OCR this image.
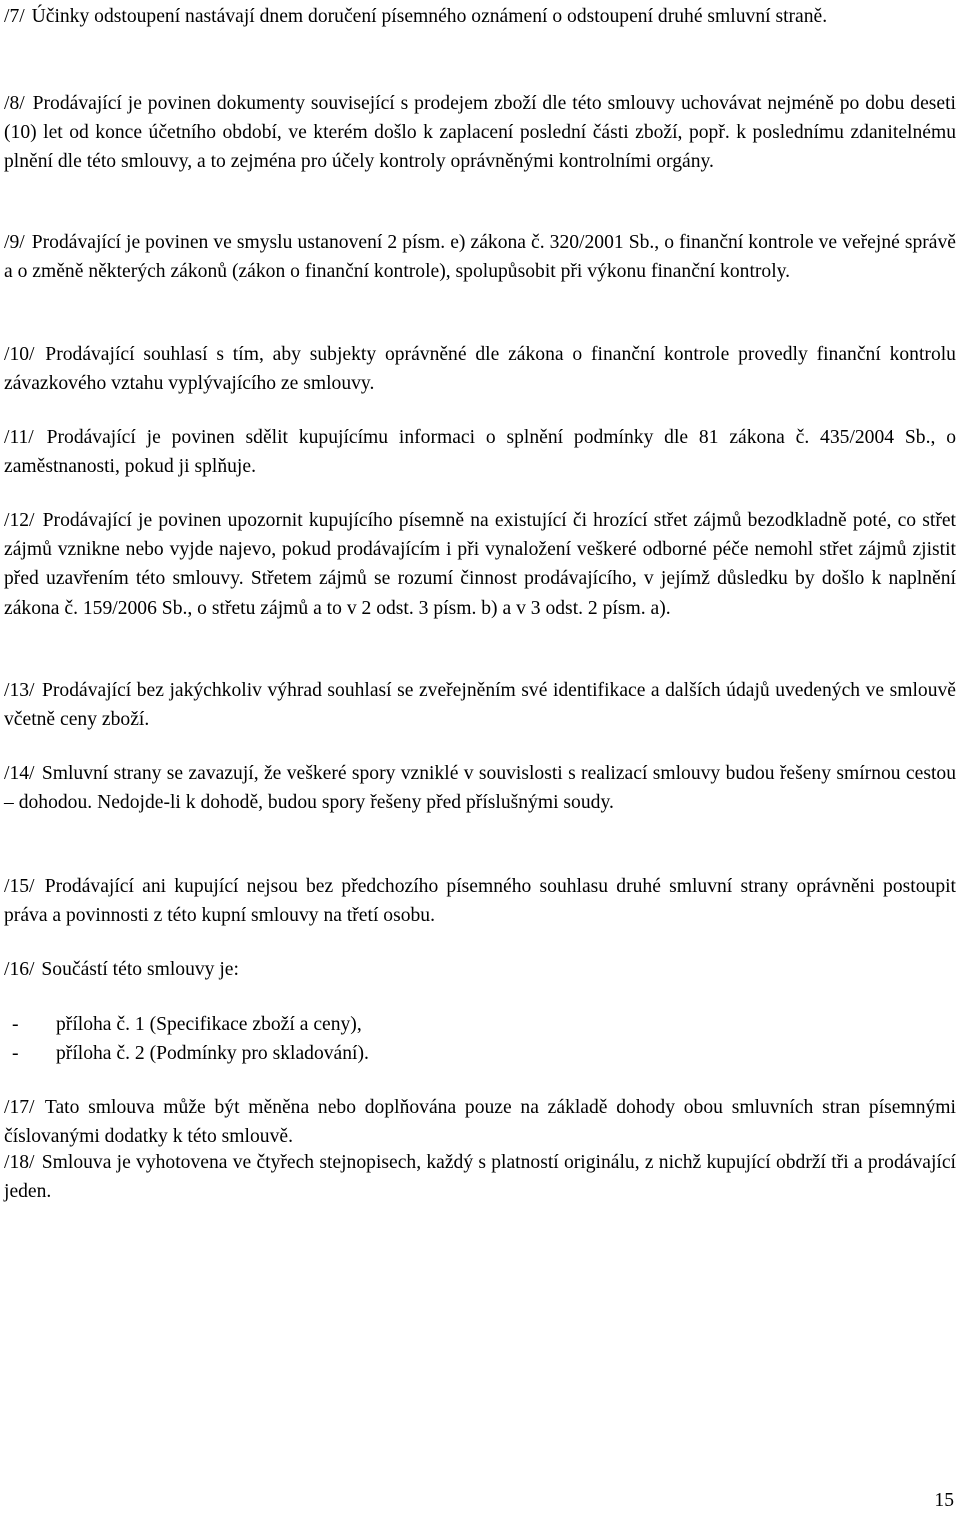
/7/ Účinky odstoupení nastávají dnem doručení písemného oznámení o odstoupení druhé smluvní straně.

/8/ Prodávající je povinen dokumenty související s prodejem zboží dle této smlouvy uchovávat nejméně po dobu deseti (10) let od konce účetního období, ve kterém došlo k zaplacení poslední části zboží, popř. k poslednímu zdanitelnému plnění dle této smlouvy, a to zejména pro účely kontroly oprávněnými kontrolními orgány.

/9/ Prodávající je povinen ve smyslu ustanovení 2 písm. e) zákona č. 320/2001 Sb., o finanční kontrole ve veřejné správě a o změně některých zákonů (zákon o finanční kontrole), spolupůsobit při výkonu finanční kontroly.

/10/ Prodávající souhlasí s tím, aby subjekty oprávněné dle zákona o finanční kontrole provedly finanční kontrolu závazkového vztahu vyplývajícího ze smlouvy.

/11/ Prodávající je povinen sdělit kupujícímu informaci o splnění podmínky dle 81 zákona č. 435/2004 Sb., o zaměstnanosti, pokud ji splňuje.

/12/ Prodávající je povinen upozornit kupujícího písemně na existující či hrozící střet zájmů bezodkladně poté, co střet zájmů vznikne nebo vyjde najevo, pokud prodávajícím i při vynaložení veškeré odborné péče nemohl střet zájmů zjistit před uzavřením této smlouvy. Střetem zájmů se rozumí činnost prodávajícího, v jejímž důsledku by došlo k naplnění zákona č. 159/2006 Sb., o střetu zájmů a to v 2 odst. 3 písm. b) a v 3 odst. 2 písm. a).

/13/ Prodávající bez jakýchkoliv výhrad souhlasí se zveřejněním své identifikace a dalších údajů uvedených ve smlouvě včetně ceny zboží.

/14/ Smluvní strany se zavazují, že veškeré spory vzniklé v souvislosti s realizací smlouvy budou řešeny smírnou cestou – dohodou. Nedojde-li k dohodě, budou spory řešeny před příslušnými soudy.

/15/ Prodávající ani kupující nejsou bez předchozího písemného souhlasu druhé smluvní strany oprávněni postoupit práva a povinnosti z této kupní smlouvy na třetí osobu.

/16/ Součástí této smlouvy je:

- příloha č. 1 (Specifikace zboží a ceny),
- příloha č. 2 (Podmínky pro skladování).

/17/ Tato smlouva může být měněna nebo doplňována pouze na základě dohody obou smluvních stran písemnými číslovanými dodatky k této smlouvě.

/18/ Smlouva je vyhotovena ve čtyřech stejnopisech, každý s platností originálu, z nichž kupující obdrží tři a prodávající jeden.

15
